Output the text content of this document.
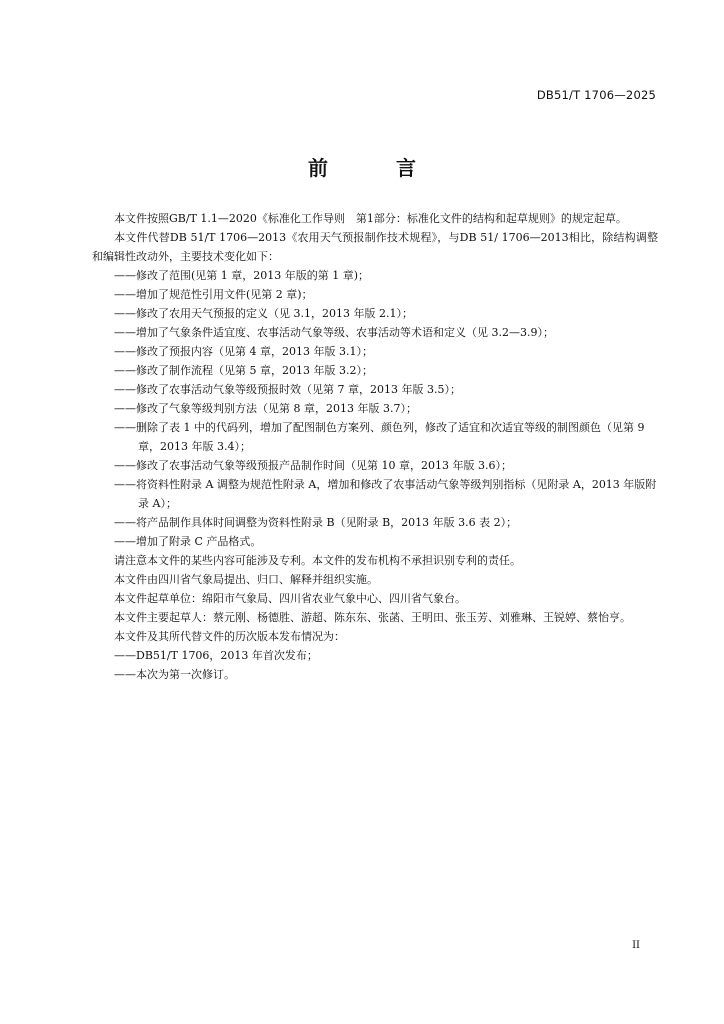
DB51/T 1706—2025
前　言

本文件按照GB/T 1.1—2020《标准化工作导则　第1部分：标准化文件的结构和起草规则》的规定起草。

本文件代替DB 51/T 1706—2013《农用天气预报制作技术规程》，与DB 51/ 1706—2013相比，除结构调整和编辑性改动外，主要技术变化如下：

——修改了范围(见第 1 章，2013 年版的第 1 章)；

——增加了规范性引用文件(见第 2 章)；

——修改了农用天气预报的定义（见 3.1，2013 年版 2.1）；

——增加了气象条件适宜度、农事活动气象等级、农事活动等术语和定义（见 3.2—3.9）；

——修改了预报内容（见第 4 章，2013 年版 3.1）；

——修改了制作流程（见第 5 章，2013 年版 3.2）；

——修改了农事活动气象等级预报时效（见第 7 章，2013 年版 3.5）；

——修改了气象等级判别方法（见第 8 章，2013 年版 3.7）；

——删除了表 1 中的代码列，增加了配图制色方案列、颜色列，修改了适宜和次适宜等级的制图颜色（见第 9 章，2013 年版 3.4）；

——修改了农事活动气象等级预报产品制作时间（见第 10 章，2013 年版 3.6）；

——将资料性附录 A 调整为规范性附录 A，增加和修改了农事活动气象等级判别指标（见附录 A，2013 年版附录 A）；

——将产品制作具体时间调整为资料性附录 B（见附录 B，2013 年版 3.6 表 2）；

——增加了附录 C 产品格式。

请注意本文件的某些内容可能涉及专利。本文件的发布机构不承担识别专利的责任。

本文件由四川省气象局提出、归口、解释并组织实施。

本文件起草单位：绵阳市气象局、四川省农业气象中心、四川省气象台。

本文件主要起草人：蔡元刚、杨德胜、游超、陈东东、张菡、王明田、张玉芳、刘雅琳、王锐婷、蔡怡亨。

本文件及其所代替文件的历次版本发布情况为：

——DB51/T 1706，2013 年首次发布；

——本次为第一次修订。

II
